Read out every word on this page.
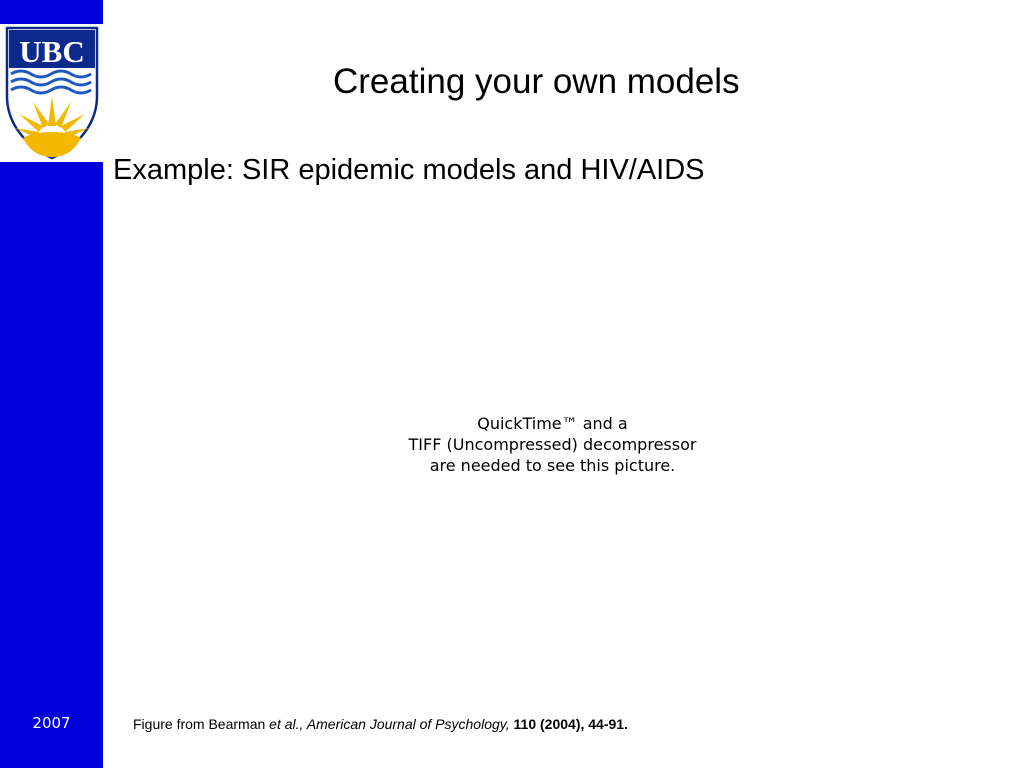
UBC
2007
Creating your own models
Example: SIR epidemic models and HIV/AIDS
QuickTime™ and a
TIFF (Uncompressed) decompressor
are needed to see this picture.
Figure from Bearman et al., American Journal of Psychology, 110 (2004), 44-91.
